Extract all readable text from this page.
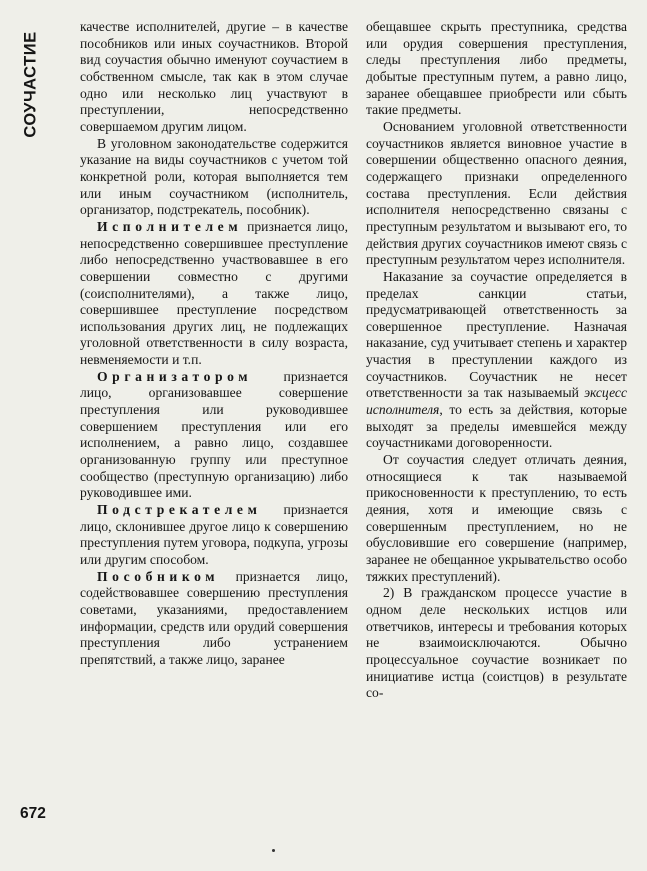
СОУЧАСТИЕ

качестве исполнителей, другие – в качестве пособников или иных соучастников. Второй вид соучастия обычно именуют соучастием в собственном смысле, так как в этом случае одно или несколько лиц участвуют в преступлении, непосредственно совершаемом другим лицом.

В уголовном законодательстве содержится указание на виды соучастников с учетом той конкретной роли, которая выполняется тем или иным соучастником (исполнитель, организатор, подстрекатель, пособник).

Исполнителем признается лицо, непосредственно совершившее преступление либо непосредственно участвовавшее в его совершении совместно с другими (соисполнителями), а также лицо, совершившее преступление посредством использования других лиц, не подлежащих уголовной ответственности в силу возраста, невменяемости и т.п.

Организатором признается лицо, организовавшее совершение преступления или руководившее совершением преступления или его исполнением, а равно лицо, создавшее организованную группу или преступное сообщество (преступную организацию) либо руководившее ими.

Подстрекателем признается лицо, склонившее другое лицо к совершению преступления путем уговора, подкупа, угрозы или другим способом.

Пособником признается лицо, содействовавшее совершению преступления советами, указаниями, предоставлением информации, средств или орудий совершения преступления либо устранением препятствий, а также лицо, заранее

обещавшее скрыть преступника, средства или орудия совершения преступления, следы преступления либо предметы, добытые преступным путем, а равно лицо, заранее обещавшее приобрести или сбыть такие предметы.

Основанием уголовной ответственности соучастников является виновное участие в совершении общественно опасного деяния, содержащего признаки определенного состава преступления. Если действия исполнителя непосредственно связаны с преступным результатом и вызывают его, то действия других соучастников имеют связь с преступным результатом через исполнителя.

Наказание за соучастие определяется в пределах санкции статьи, предусматривающей ответственность за совершенное преступление. Назначая наказание, суд учитывает степень и характер участия в преступлении каждого из соучастников. Соучастник не несет ответственности за так называемый эксцесс исполнителя, то есть за действия, которые выходят за пределы имевшейся между соучастниками договоренности.

От соучастия следует отличать деяния, относящиеся к так называемой прикосновенности к преступлению, то есть деяния, хотя и имеющие связь с совершенным преступлением, но не обусловившие его совершение (например, заранее не обещанное укрывательство особо тяжких преступлений).

2) В гражданском процессе участие в одном деле нескольких истцов или ответчиков, интересы и требования которых не взаимоисключаются. Обычно процессуальное соучастие возникает по инициативе истца (соистцов) в результате со-

672
